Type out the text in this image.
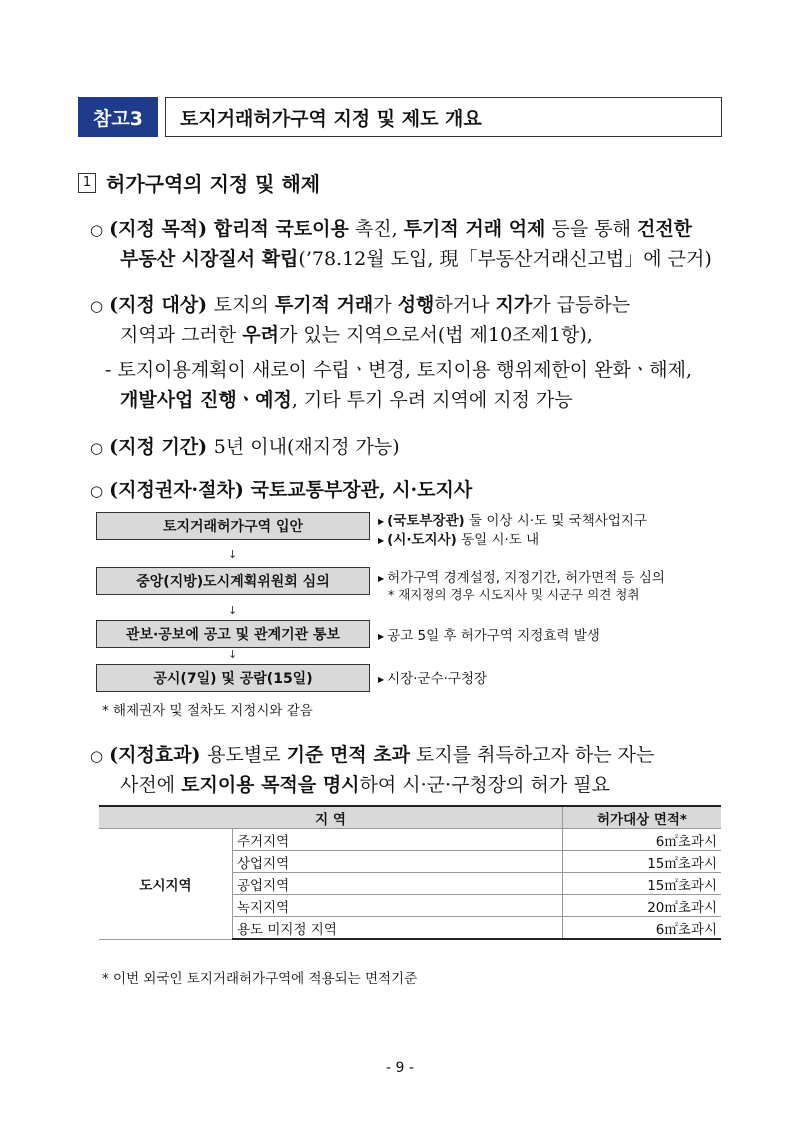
참고3	토지거래허가구역 지정 및 제도 개요
1 허가구역의 지정 및 해제
○ (지정 목적) 합리적 국토이용 촉진, 투기적 거래 억제 등을 통해 건전한
부동산 시장질서 확립(’78.12월 도입, 現「부동산거래신고법」에 근거)
○ (지정 대상) 토지의 투기적 거래가 성행하거나 지가가 급등하는
지역과 그러한 우려가 있는 지역으로서(법 제10조제1항),
- 토지이용계획이 새로이 수립ㆍ변경, 토지이용 행위제한이 완화ㆍ해제,
개발사업 진행ㆍ예정, 기타 투기 우려 지역에 지정 가능
○ (지정 기간) 5년 이내(재지정 가능)
○ (지정권자·절차) 국토교통부장관, 시·도지사
토지거래허가구역 입안
↓
중앙(지방)도시계획위원회 심의
↓
관보·공보에 공고 및 관계기관 통보
↓
공시(7일) 및 공람(15일)
▶ (국토부장관) 둘 이상 시·도 및 국책사업지구
▶ (시·도지사) 동일 시·도 내
▶ 허가구역 경계설정, 지정기간, 허가면적 등 심의
* 재지정의 경우 시도지사 및 시군구 의견 청취
▶ 공고 5일 후 허가구역 지정효력 발생
▶ 시장·군수·구청장
* 해제권자 및 절차도 지정시와 같음
○ (지정효과) 용도별로 기준 면적 초과 토지를 취득하고자 하는 자는
사전에 토지이용 목적을 명시하여 시·군·구청장의 허가 필요
지 역		허가대상 면적*
도시지역	주거지역	6㎡초과시
	상업지역	15㎡초과시
	공업지역	15㎡초과시
	녹지지역	20㎡초과시
	용도 미지정 지역	6㎡초과시
* 이번 외국인 토지거래허가구역에 적용되는 면적기준
- 9 -
